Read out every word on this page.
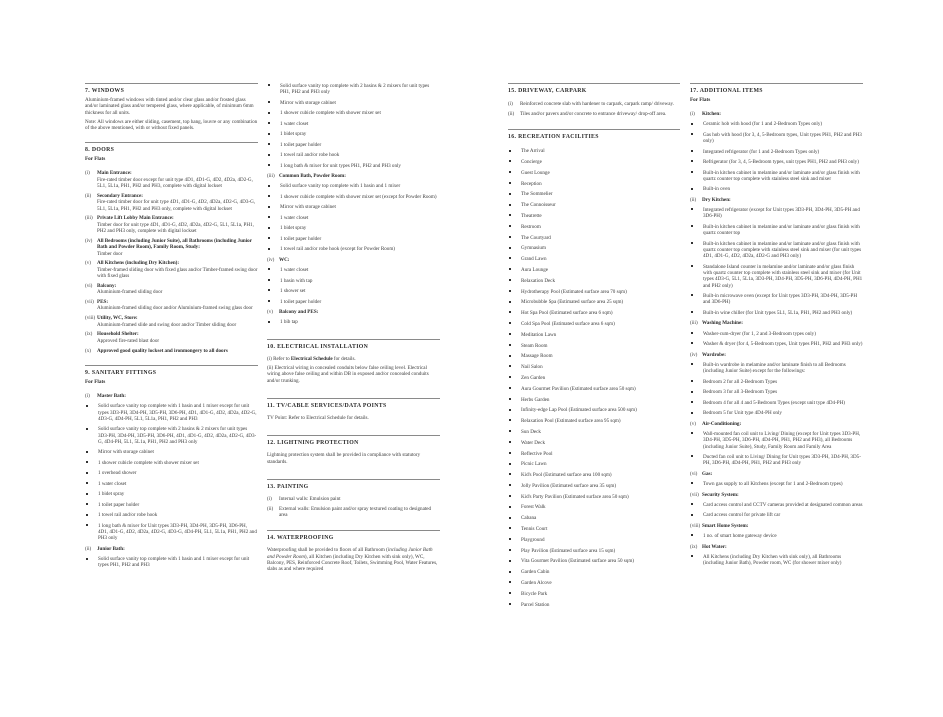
7. WINDOWS

Aluminium-framed windows with tinted and/or clear glass and/or frosted glass and/or laminated glass and/or tempered glass, where applicable, of minimum 6mm thickness for all units.

Note: All windows are either sliding, casement, top hang, louvre or any combination of the above mentioned, with or without fixed panels.

8. DOORS
For Flats
(i)	Main Entrance:
Fire-rated timber door except for unit type 4D1, 4D1-G, 4D2, 4D2a, 4D2-G, 5L1, 5L1a, PH1, PH2 and PH3, complete with digital lockset
(ii)	Secondary Entrance:
Fire-rated timber door for unit type 4D1, 4D1-G, 4D2, 4D2a, 4D2-G, 4D3-G, 5L1, 5L1a, PH1, PH2 and PH3 only, complete with digital lockset
(iii) Private Lift Lobby Main Entrance:
Timber door for unit type 4D1, 4D1-G, 4D2, 4D2a, 4D2-G, 5L1, 5L1a, PH1, PH2 and PH3 only, complete with digital lockset
(iv) All Bedrooms (including Junior Suite), all Bathrooms (including Junior Bath and Powder Room), Family Room, Study:
Timber door
(v)	All Kitchens (including Dry Kitchen):
Timber-framed sliding door with fixed glass and/or Timber-framed swing door with fixed glass
(vi) Balcony:
Aluminium-framed sliding door
(vii) PES:
Aluminium-framed sliding door and/or Aluminium-framed swing glass door
(viii) Utility, WC, Store:
Aluminium-framed slide and swing door and/or Timber sliding door
(ix) Household Shelter:
Approved fire-rated blast door
(x)	Approved good quality lockset and ironmongery to all doors
9. SANITARY FITTINGS
For Flats
(i)	Master Bath:
Solid surface vanity top complete with 1 basin and 1 mixer except for unit types 3D3-PH, 3D4-PH, 3D5-PH, 3D6-PH, 4D1, 4D1-G, 4D2, 4D2a, 4D2-G, 4D3-G, 4D4-PH, 5L1, 5L1a, PH1, PH2 and PH3
Solid surface vanity top complete with 2 basins & 2 mixers for unit types 3D3-PH, 3D4-PH, 3D5-PH, 3D6-PH, 4D1, 4D1-G, 4D2, 4D2a, 4D2-G, 4D3-G, 4D4-PH, 5L1, 5L1a, PH1, PH2 and PH3 only
Mirror with storage cabinet
1 shower cubicle complete with shower mixer set
1 overhead shower
1 water closet
1 bidet spray
1 toilet paper holder
1 towel rail and/or robe hook
1 long bath & mixer for Unit types 3D3-PH, 3D4-PH, 3D5-PH, 3D6-PH, 4D1, 4D1-G, 4D2, 4D2a, 4D2-G, 4D3-G, 4D4-PH, 5L1, 5L1a, PH1, PH2 and PH3 only
(ii)	Junior Bath:
Solid surface vanity top complete with 1 basin and 1 mixer except for unit types PH1, PH2 and PH3
Solid surface vanity top complete with 2 basins & 2 mixers for unit types PH1, PH2 and PH3 only
Mirror with storage cabinet
1 shower cubicle complete with shower mixer set
1 water closet
1 bidet spray
1 toilet paper holder
1 towel rail and/or robe hook
1 long bath & mixer for unit types PH1, PH2 and PH3 only
(iii) Common Bath, Powder Room:
Solid surface vanity top complete with 1 basin and 1 mixer
1 shower cubicle complete with shower mixer set (except for Powder Room)
Mirror with storage cabinet
1 water closet
1 bidet spray
1 toilet paper holder
1 towel rail and/or robe hook (except for Powder Room)
(iv) WC:
1 water closet
1 basin with tap
1 shower set
1 toilet paper holder
(v)	Balcony and PES:
1 bib tap
10. ELECTRICAL INSTALLATION

(i) Refer to Electrical Schedule for details.

(ii) Electrical wiring in concealed conduits below false ceiling level. Electrical wiring above false ceiling and within DB in exposed and/or concealed conduits and/or trunking.

11. TV/CABLE SERVICES/DATA POINTS

TV Point: Refer to Electrical Schedule for details.

12. LIGHTNING PROTECTION

Lightning protection system shall be provided in compliance with statutory standards.

13. PAINTING
(i)	Internal walls: Emulsion paint
(ii)	External walls: Emulsion paint and/or spray textured coating to designated area
14. WATERPROOFING

Waterproofing shall be provided to floors of all Bathroom (including Junior Bath and Powder Room), all Kitchen (including Dry Kitchen with sink only), WC, Balcony, PES, Reinforced Concrete Roof, Toilets, Swimming Pool, Water Features, slabs as and where required

15. DRIVEWAY, CARPARK
(i)	Reinforced concrete slab with hardener to carpark, carpark ramp/ driveway.
(ii)	Tiles and/or pavers and/or concrete to entrance driveway/ drop-off area.
16. RECREATION FACILITIES
The Arrival
Concierge
Guest Lounge
Reception
The Sommelier
The Connoisseur
Theatrette
Restroom
The Courtyard
Gymnasium
Grand Lawn
Aura Lounge
Relaxation Deck
Hydrotherapy Pool (Estimated surface area 70 sqm)
Microbubble Spa (Estimated surface area 25 sqm)
Hot Spa Pool (Estimated surface area 6 sqm)
Cold Spa Pool (Estimated surface area 6 sqm)
Meditation Lawn
Steam Room
Massage Room
Nail Salon
Zen Garden
Aura Gourmet Pavilion (Estimated surface area 50 sqm)
Herbs Garden
Infinity-edge Lap Pool (Estimated surface area 500 sqm)
Relaxation Pool (Estimated surface area 95 sqm)
Sun Deck
Water Deck
Reflective Pool
Picnic Lawn
Kid's Pool (Estimated surface area 100 sqm)
Jolly Pavilion (Estimated surface area 35 sqm)
Kid's Party Pavilion (Estimated surface area 50 sqm)
Forest Walk
Cabana
Tennis Court
Playground
Play Pavilion (Estimated surface area 15 sqm)
Vita Gourmet Pavilion (Estimated surface area 50 sqm)
Garden Cabin
Garden Alcove
Bicycle Park
Parcel Station
17. ADDITIONAL ITEMS
For Flats
(i)	Kitchen:
Ceramic hob with hood (for 1 and 2-Bedroom Types only)
Gas hob with hood (for 3, 4, 5-Bedroom types, Unit types PH1, PH2 and PH3 only)
Integrated refrigerator (for 1 and 2-Bedroom Types only)
Refrigerator (for 3, 4, 5-Bedroom types, unit types PH1, PH2 and PH3 only)
Built-in kitchen cabinet in melamine and/or laminate and/or glass finish with quartz counter top complete with stainless steel sink and mixer
Built-in oven
(ii)	Dry Kitchen:
Integrated refrigerator (except for Unit types 3D3-PH, 3D4-PH, 3D5-PH and 3D6-PH)
Built-in kitchen cabinet in melamine and/or laminate and/or glass finish with quartz counter top
Built-in kitchen cabinet in melamine and/or laminate and/or glass finish with quartz counter top complete with stainless steel sink and mixer (for unit types 4D1, 4D1-G, 4D2, 4D2a, 4D2-G and PH3 only)
Standalone Island counter in melamine and/or laminate and/or glass finish with quartz counter top complete with stainless steel sink and mixer (for Unit types 4D3-G, 5L1, 5L1a, 3D3-PH, 3D4-PH, 3D5-PH, 3D6-PH, 4D4-PH, PH1 and PH2 only)
Built-in microwave oven (except for Unit types 3D3-PH, 3D4-PH, 3D5-PH and 3D6-PH)
Built-in wine chiller (for Unit types 5L1, 5L1a, PH1, PH2 and PH3 only)
(iii) Washing Machine:
Washer-cum-dryer (for 1, 2 and 3-Bedroom types only)
Washer & dryer (for 4, 5-Bedroom types, Unit types PH1, PH2 and PH3 only)
(iv) Wardrobe:
Built-in wardrobe in melamine and/or laminate finish to all Bedrooms (including Junior Suite) except for the followings:
Bedroom 2 for all 2-Bedroom Types
Bedroom 3 for all 3-Bedroom Types
Bedroom 4 for all 4 and 5-Bedroom Types (except unit type 4D4-PH)
Bedroom 5 for Unit type 4D4-PH only
(v)	Air-Conditioning:
Wall-mounted fan coil unit to Living/ Dining (except for Unit types 3D3-PH, 3D4-PH, 3D5-PH, 3D6-PH, 4D4-PH, PH1, PH2 and PH3), all Bedrooms (including Junior Suite), Study, Family Room and Family Area
Ducted fan coil unit to Living/ Dining for Unit types 3D3-PH, 3D4-PH, 3D5-PH, 3D6-PH, 4D4-PH, PH1, PH2 and PH3 only
(vi) Gas:
Town gas supply to all Kitchens (except for 1 and 2-Bedroom types)
(vii) Security System:
Card access control and CCTV cameras provided at designated common areas
Card access control for private lift car
(viii) Smart Home System:
1 no. of smart home gateway device
(ix) Hot Water:
All Kitchens (including Dry Kitchen with sink only), all Bathrooms (including Junior Bath), Powder room, WC (for shower mixer only)
